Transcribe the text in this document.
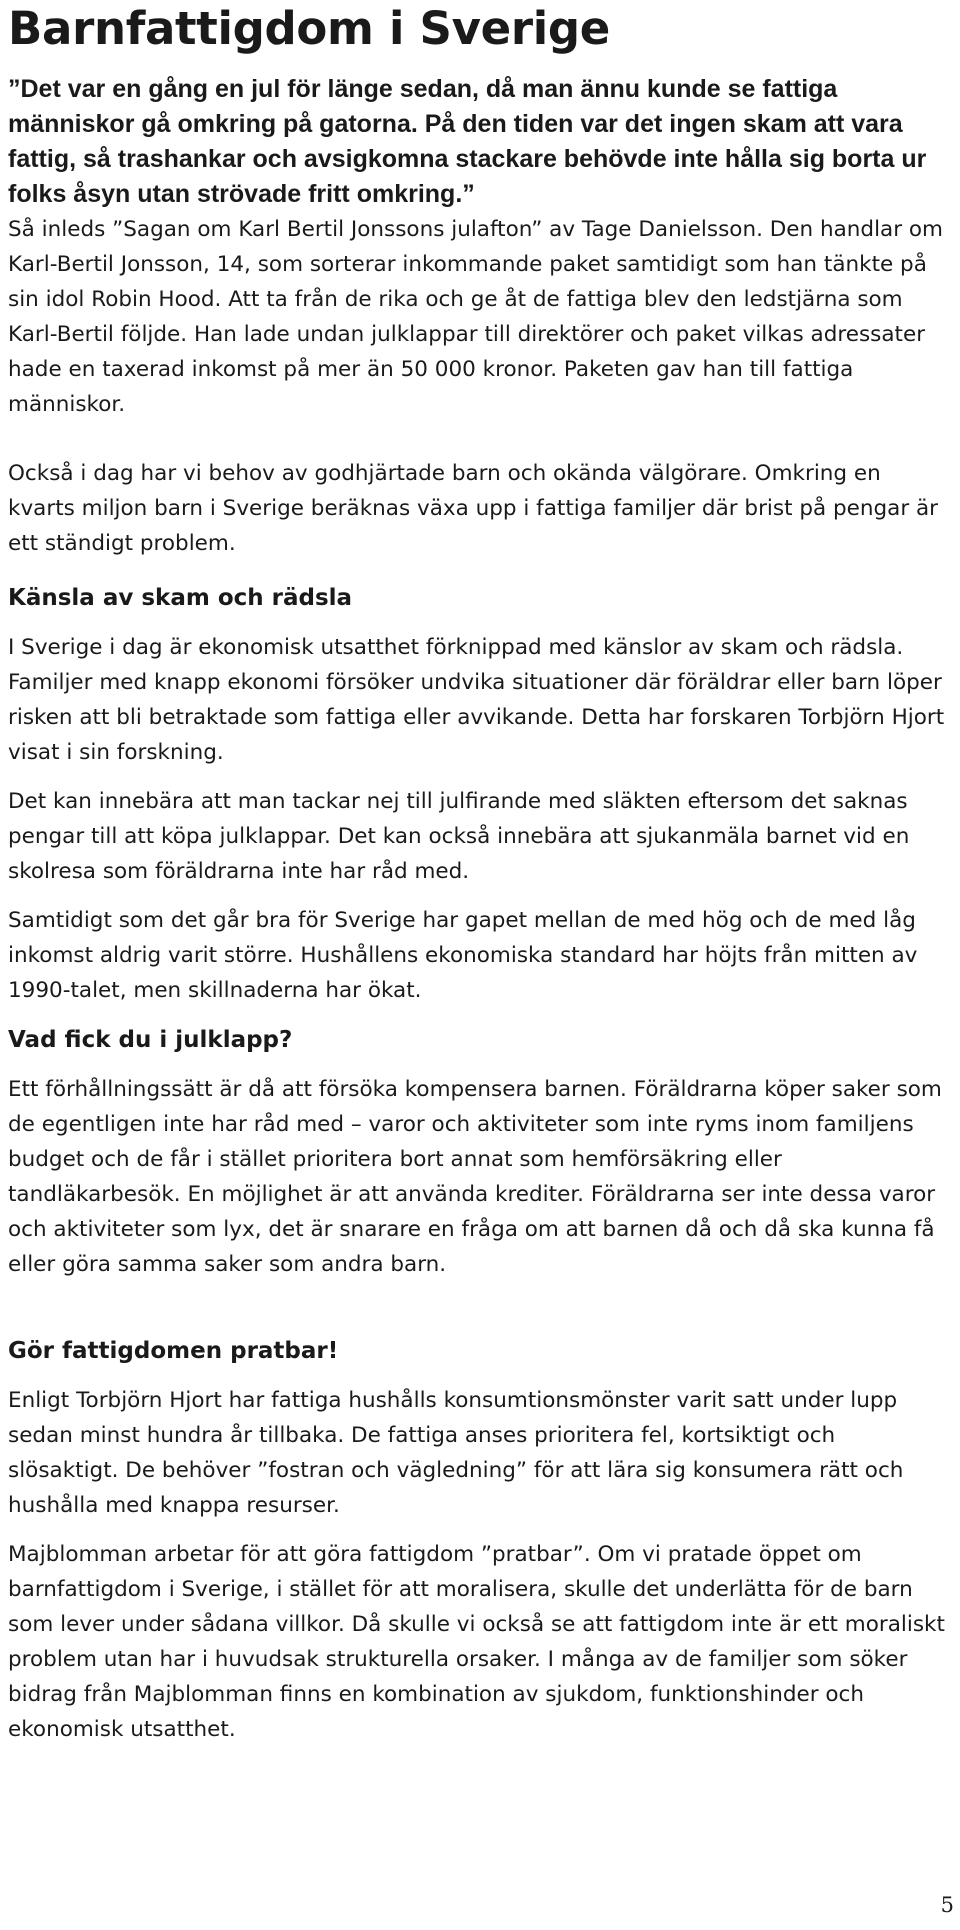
Barnfattigdom i Sverige

”Det var en gång en jul för länge sedan, då man ännu kunde se fattiga människor gå omkring på gatorna. På den tiden var det ingen skam att vara fattig, så trashankar och avsigkomna stackare behövde inte hålla sig borta ur folks åsyn utan strövade fritt omkring.”

Så inleds ”Sagan om Karl Bertil Jonssons julafton” av Tage Danielsson. Den handlar om Karl-Bertil Jonsson, 14, som sorterar inkommande paket samtidigt som han tänkte på sin idol Robin Hood. Att ta från de rika och ge åt de fattiga blev den ledstjärna som Karl-Bertil följde. Han lade undan julklappar till direktörer och paket vilkas adressater hade en taxerad inkomst på mer än 50 000 kronor. Paketen gav han till fattiga människor.

Också i dag har vi behov av godhjärtade barn och okända välgörare. Omkring en kvarts miljon barn i Sverige beräknas växa upp i fattiga familjer där brist på pengar är ett ständigt problem.

Känsla av skam och rädsla

I Sverige i dag är ekonomisk utsatthet förknippad med känslor av skam och rädsla. Familjer med knapp ekonomi försöker undvika situationer där föräldrar eller barn löper risken att bli betraktade som fattiga eller avvikande. Detta har forskaren Torbjörn Hjort visat i sin forskning.

Det kan innebära att man tackar nej till julfirande med släkten eftersom det saknas pengar till att köpa julklappar. Det kan också innebära att sjukanmäla barnet vid en skolresa som föräldrarna inte har råd med.

Samtidigt som det går bra för Sverige har gapet mellan de med hög och de med låg inkomst aldrig varit större. Hushållens ekonomiska standard har höjts från mitten av 1990-talet, men skillnaderna har ökat.

Vad fick du i julklapp?

Ett förhållningssätt är då att försöka kompensera barnen. Föräldrarna köper saker som de egentligen inte har råd med – varor och aktiviteter som inte ryms inom familjens budget och de får i stället prioritera bort annat som hemförsäkring eller tandläkarbesök. En möjlighet är att använda krediter. Föräldrarna ser inte dessa varor och aktiviteter som lyx, det är snarare en fråga om att barnen då och då ska kunna få eller göra samma saker som andra barn.

Gör fattigdomen pratbar!

Enligt Torbjörn Hjort har fattiga hushålls konsumtionsmönster varit satt under lupp sedan minst hundra år tillbaka. De fattiga anses prioritera fel, kortsiktigt och slösaktigt. De behöver ”fostran och vägledning” för att lära sig konsumera rätt och hushålla med knappa resurser.

Majblomman arbetar för att göra fattigdom ”pratbar”. Om vi pratade öppet om barnfattigdom i Sverige, i stället för att moralisera, skulle det underlätta för de barn som lever under sådana villkor. Då skulle vi också se att fattigdom inte är ett moraliskt problem utan har i huvudsak strukturella orsaker. I många av de familjer som söker bidrag från Majblomman finns en kombination av sjukdom, funktionshinder och ekonomisk utsatthet.

5
